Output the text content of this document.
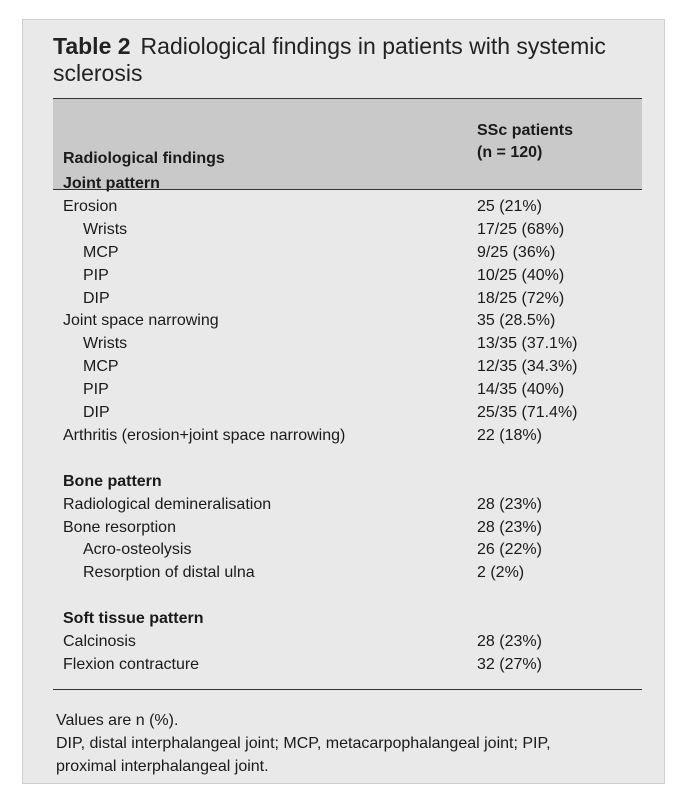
Table 2 Radiological findings in patients with systemic sclerosis
Radiological findings
SSc patients
(n = 120)
Joint pattern
Erosion	25 (21%)
Wrists	17/25 (68%)
MCP	9/25 (36%)
PIP	10/25 (40%)
DIP	18/25 (72%)
Joint space narrowing	35 (28.5%)
Wrists	13/35 (37.1%)
MCP	12/35 (34.3%)
PIP	14/35 (40%)
DIP	25/35 (71.4%)
Arthritis (erosion+joint space narrowing)	22 (18%)
Bone pattern
Radiological demineralisation	28 (23%)
Bone resorption	28 (23%)
Acro-osteolysis	26 (22%)
Resorption of distal ulna	2 (2%)
Soft tissue pattern
Calcinosis	28 (23%)
Flexion contracture	32 (27%)
Values are n (%).
DIP, distal interphalangeal joint; MCP, metacarpophalangeal joint; PIP,
proximal interphalangeal joint.
